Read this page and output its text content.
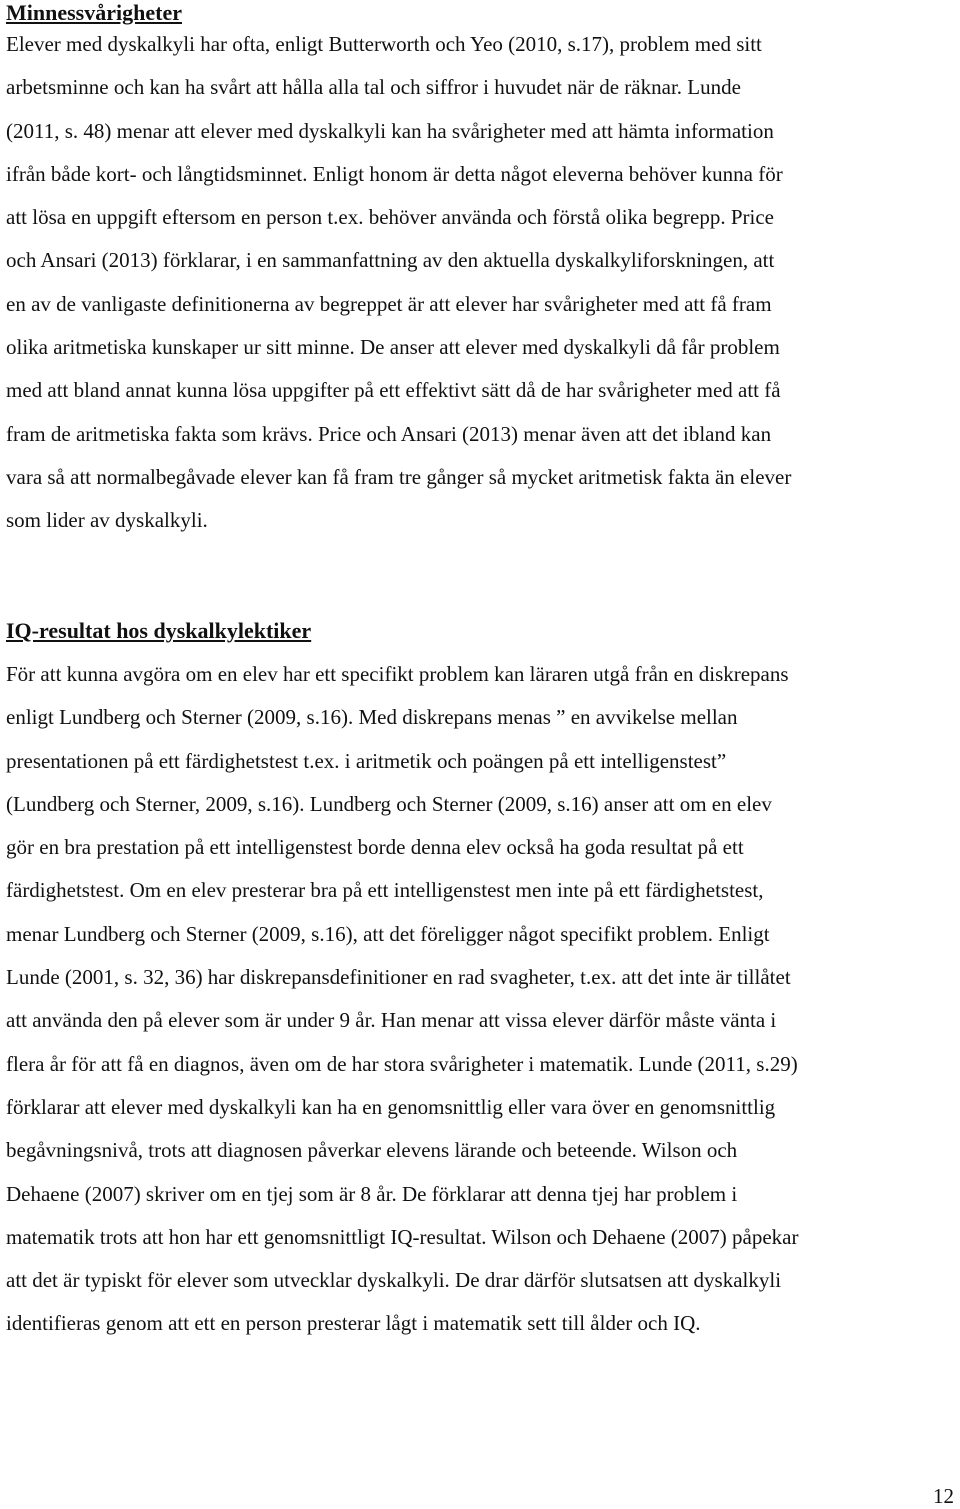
Minnessvårigheter

Elever med dyskalkyli har ofta, enligt Butterworth och Yeo (2010, s.17), problem med sitt
arbetsminne och kan ha svårt att hålla alla tal och siffror i huvudet när de räknar. Lunde
(2011, s. 48) menar att elever med dyskalkyli kan ha svårigheter med att hämta information
ifrån både kort- och långtidsminnet. Enligt honom är detta något eleverna behöver kunna för
att lösa en uppgift eftersom en person t.ex. behöver använda och förstå olika begrepp. Price
och Ansari (2013) förklarar, i en sammanfattning av den aktuella dyskalkyliforskningen, att
en av de vanligaste definitionerna av begreppet är att elever har svårigheter med att få fram
olika aritmetiska kunskaper ur sitt minne. De anser att elever med dyskalkyli då får problem
med att bland annat kunna lösa uppgifter på ett effektivt sätt då de har svårigheter med att få
fram de aritmetiska fakta som krävs. Price och Ansari (2013) menar även att det ibland kan
vara så att normalbegåvade elever kan få fram tre gånger så mycket aritmetisk fakta än elever
som lider av dyskalkyli.

IQ-resultat hos dyskalkylektiker

För att kunna avgöra om en elev har ett specifikt problem kan läraren utgå från en diskrepans
enligt Lundberg och Sterner (2009, s.16). Med diskrepans menas ” en avvikelse mellan
presentationen på ett färdighetstest t.ex. i aritmetik och poängen på ett intelligenstest”
(Lundberg och Sterner, 2009, s.16). Lundberg och Sterner (2009, s.16) anser att om en elev
gör en bra prestation på ett intelligenstest borde denna elev också ha goda resultat på ett
färdighetstest. Om en elev presterar bra på ett intelligenstest men inte på ett färdighetstest,
menar Lundberg och Sterner (2009, s.16), att det föreligger något specifikt problem. Enligt
Lunde (2001, s. 32, 36) har diskrepansdefinitioner en rad svagheter, t.ex. att det inte är tillåtet
att använda den på elever som är under 9 år. Han menar att vissa elever därför måste vänta i
flera år för att få en diagnos, även om de har stora svårigheter i matematik. Lunde (2011, s.29)
förklarar att elever med dyskalkyli kan ha en genomsnittlig eller vara över en genomsnittlig
begåvningsnivå, trots att diagnosen påverkar elevens lärande och beteende. Wilson och
Dehaene (2007) skriver om en tjej som är 8 år. De förklarar att denna tjej har problem i
matematik trots att hon har ett genomsnittligt IQ-resultat. Wilson och Dehaene (2007) påpekar
att det är typiskt för elever som utvecklar dyskalkyli. De drar därför slutsatsen att dyskalkyli
identifieras genom att ett en person presterar lågt i matematik sett till ålder och IQ.

12
